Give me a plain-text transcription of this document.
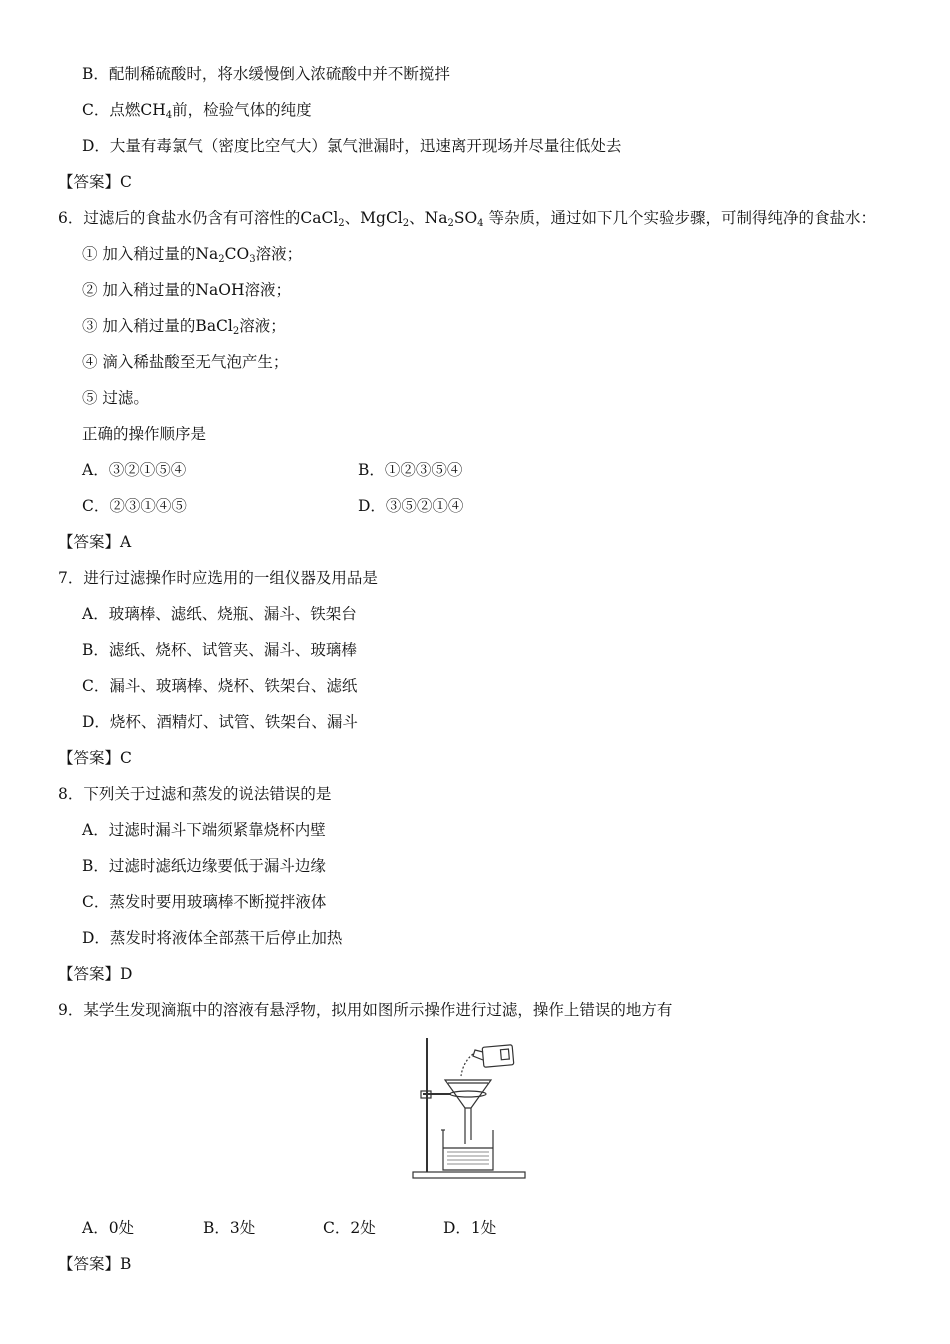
B．配制稀硫酸时，将水缓慢倒入浓硫酸中并不断搅拌
C．点燃$CH_4$前，检验气体的纯度
D．大量有毒氯气（密度比空气大）氯气泄漏时，迅速离开现场并尽量往低处去
【答案】C
6．过滤后的食盐水仍含有可溶性的CaCl$_2$、MgCl$_2$、$Na_2SO_4$ 等杂质，通过如下几个实验步骤，可制得纯净的食盐水：
① 加入稍过量的$Na_2CO_3$溶液；
② 加入稍过量的NaOH溶液；
③ 加入稍过量的BaCl$_2$溶液；
④ 滴入稀盐酸至无气泡产生；
⑤ 过滤。
正确的操作顺序是
A．③②①⑤④	B．①②③⑤④
C．②③①④⑤	D．③⑤②①④
【答案】A
7．进行过滤操作时应选用的一组仪器及用品是
A．玻璃棒、滤纸、烧瓶、漏斗、铁架台
B．滤纸、烧杯、试管夹、漏斗、玻璃棒
C．漏斗、玻璃棒、烧杯、铁架台、滤纸
D．烧杯、酒精灯、试管、铁架台、漏斗
【答案】C
8．下列关于过滤和蒸发的说法错误的是
A．过滤时漏斗下端须紧靠烧杯内壁
B．过滤时滤纸边缘要低于漏斗边缘
C．蒸发时要用玻璃棒不断搅拌液体
D．蒸发时将液体全部蒸干后停止加热
【答案】D
9．某学生发现滴瓶中的溶液有悬浮物，拟用如图所示操作进行过滤，操作上错误的地方有
A．0处	B．3处	C．2处	D．1处
【答案】B
